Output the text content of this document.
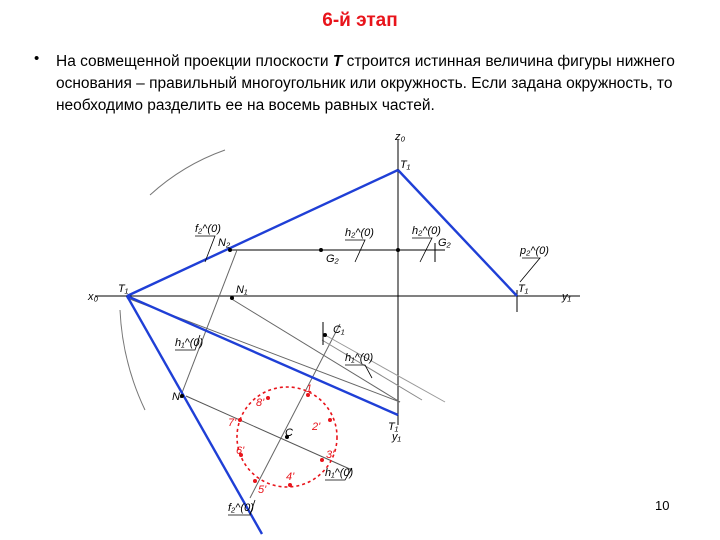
6-й этап
• На совмещенной проекции плоскости T строится истинная величина фигуры нижнего основания – правильный многоугольник или окружность. Если задана окружность, то необходимо разделить ее на восемь равных частей.
z₀
x₀	y₁
y₁
T₁
T₁	T₁
T₁
f₂^(0)	h₂^(0)	h₂^(0)
p₂^(0)
N₂
N₁
N
G₂
G₂
C₁
h₁^(0)
h₁^(0)
h₁^(0)
f₂^(0)
1
2'
3'
4'
5'
6'
7'
8'
C
10
